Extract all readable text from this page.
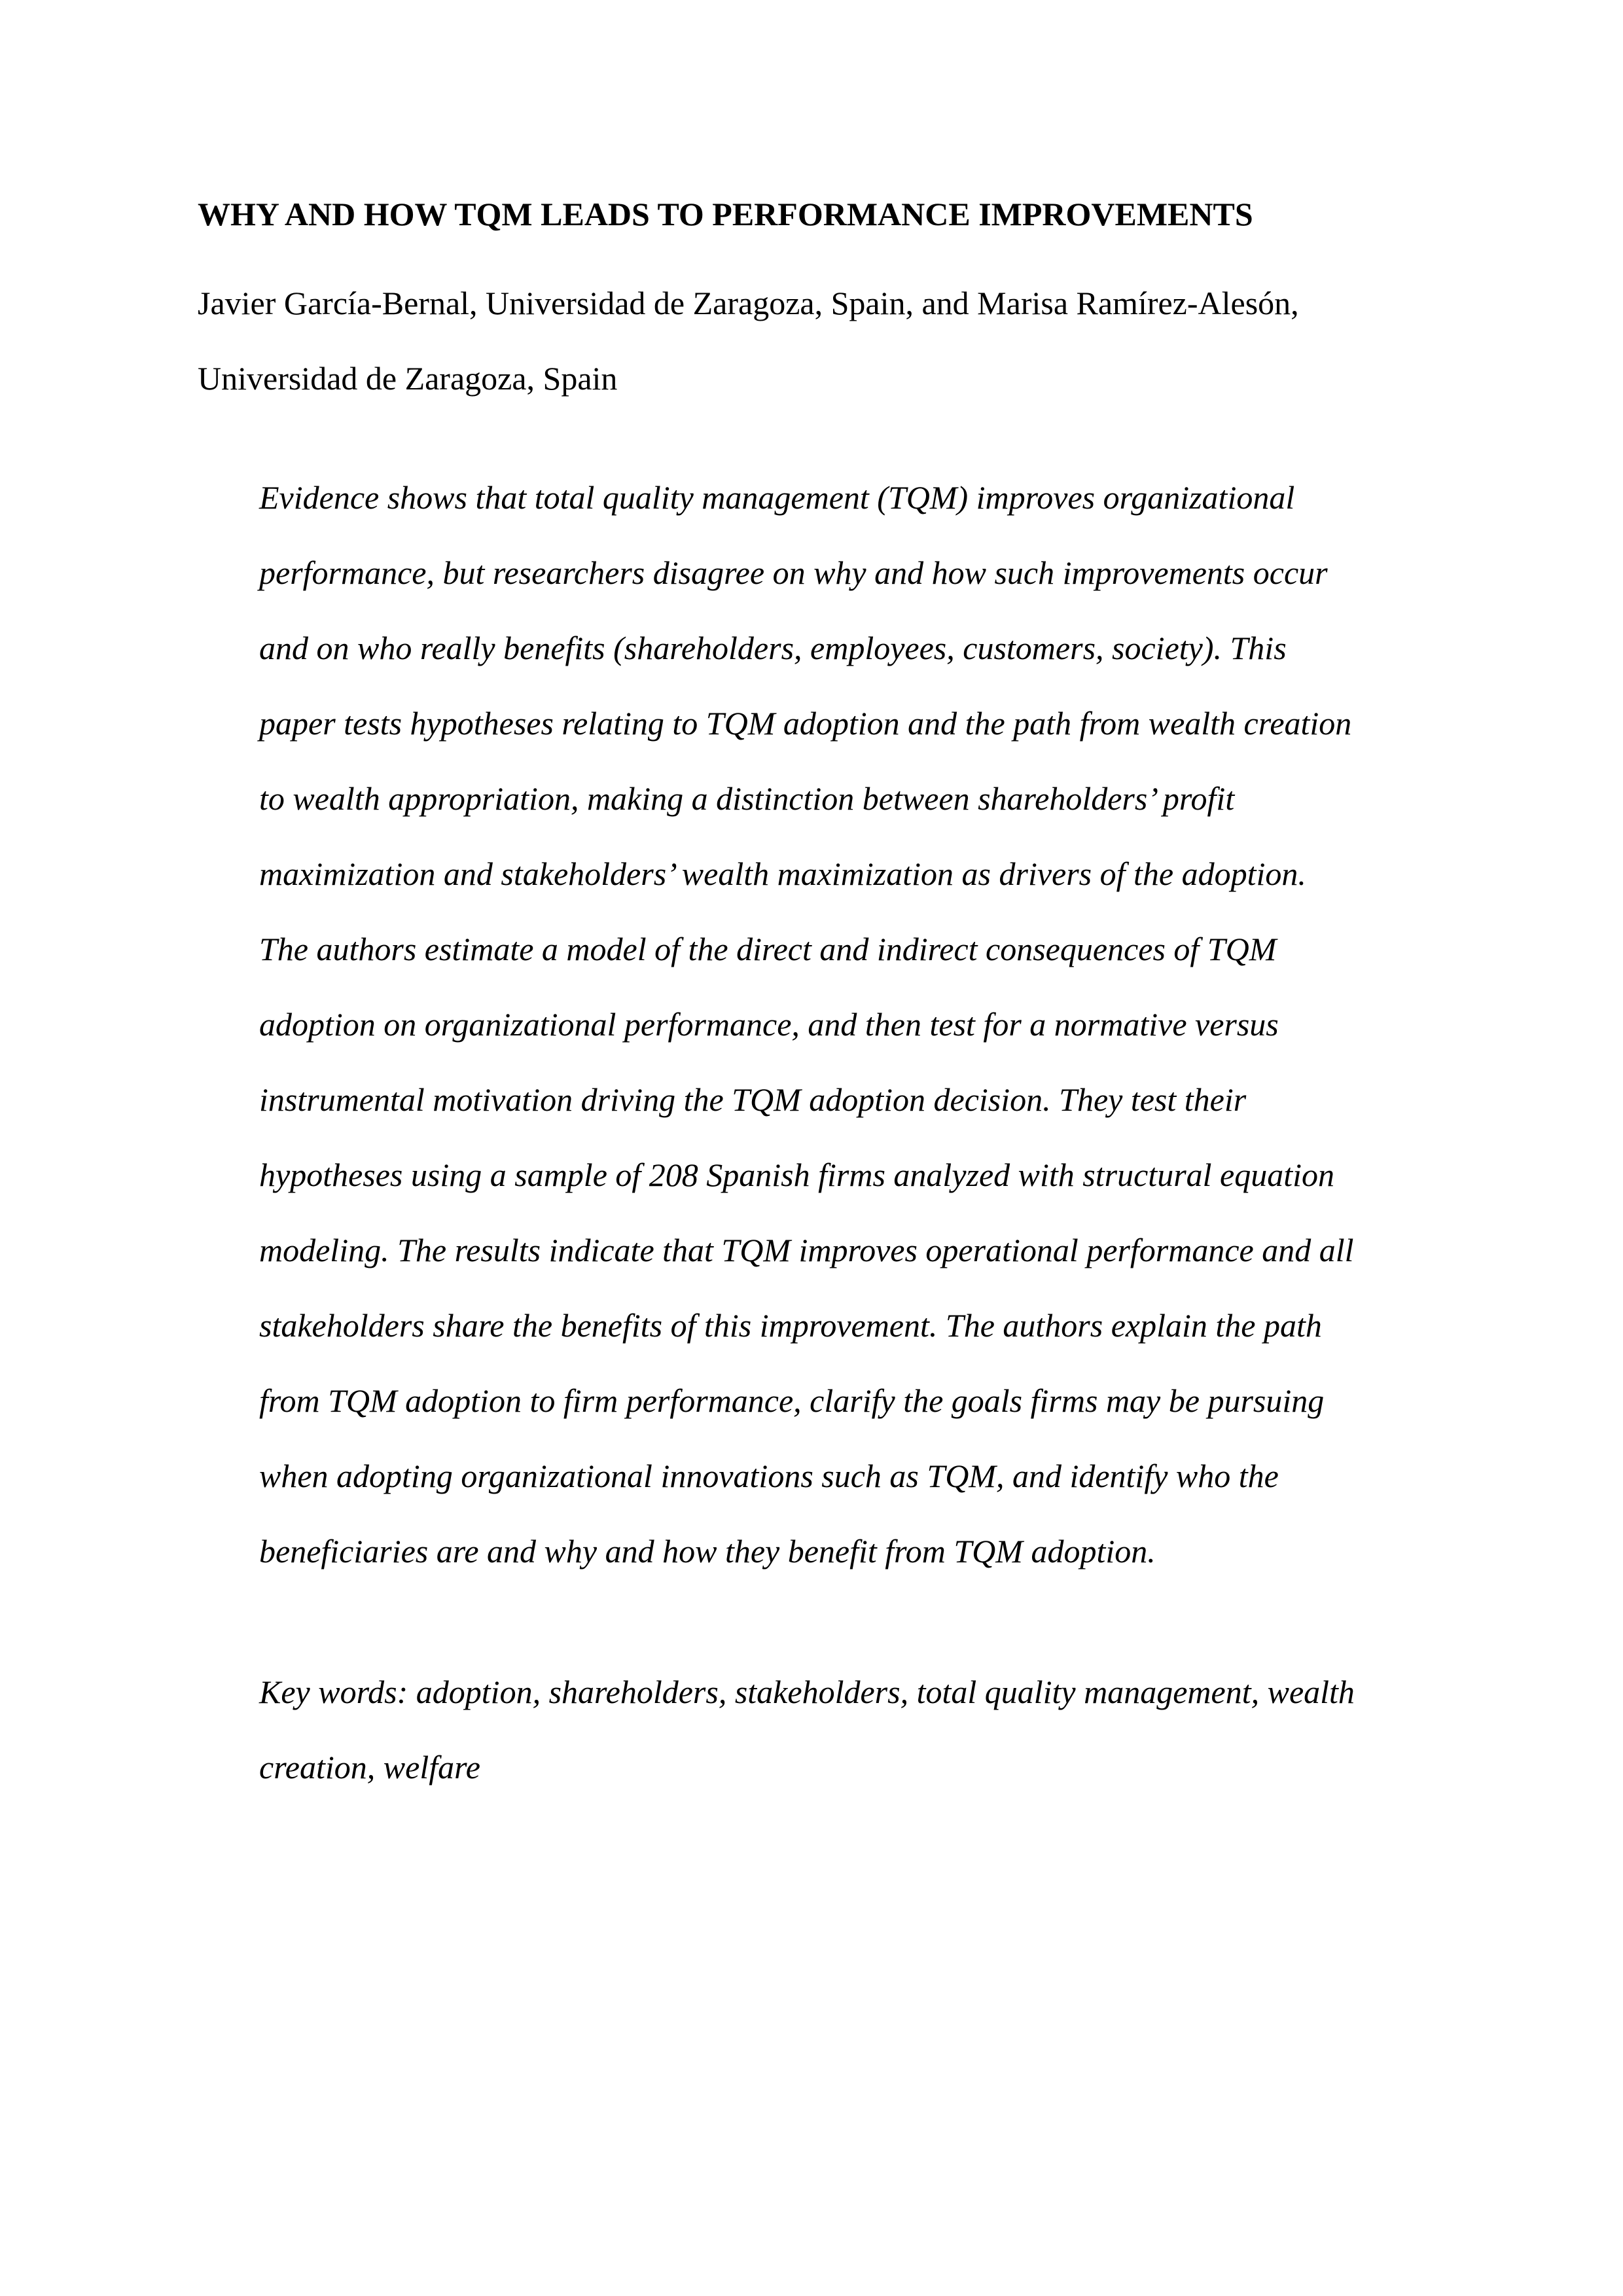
WHY AND HOW TQM LEADS TO PERFORMANCE IMPROVEMENTS
Javier García-Bernal, Universidad de Zaragoza, Spain, and Marisa Ramírez-Alesón,
Universidad de Zaragoza, Spain
Evidence shows that total quality management (TQM) improves organizational
performance, but researchers disagree on why and how such improvements occur
and on who really benefits (shareholders, employees, customers, society). This
paper tests hypotheses relating to TQM adoption and the path from wealth creation
to wealth appropriation, making a distinction between shareholders’ profit
maximization and stakeholders’ wealth maximization as drivers of the adoption.
The authors estimate a model of the direct and indirect consequences of TQM
adoption on organizational performance, and then test for a normative versus
instrumental motivation driving the TQM adoption decision. They test their
hypotheses using a sample of 208 Spanish firms analyzed with structural equation
modeling. The results indicate that TQM improves operational performance and all
stakeholders share the benefits of this improvement. The authors explain the path
from TQM adoption to firm performance, clarify the goals firms may be pursuing
when adopting organizational innovations such as TQM, and identify who the
beneficiaries are and why and how they benefit from TQM adoption.
Key words: adoption, shareholders, stakeholders, total quality management, wealth
creation, welfare
